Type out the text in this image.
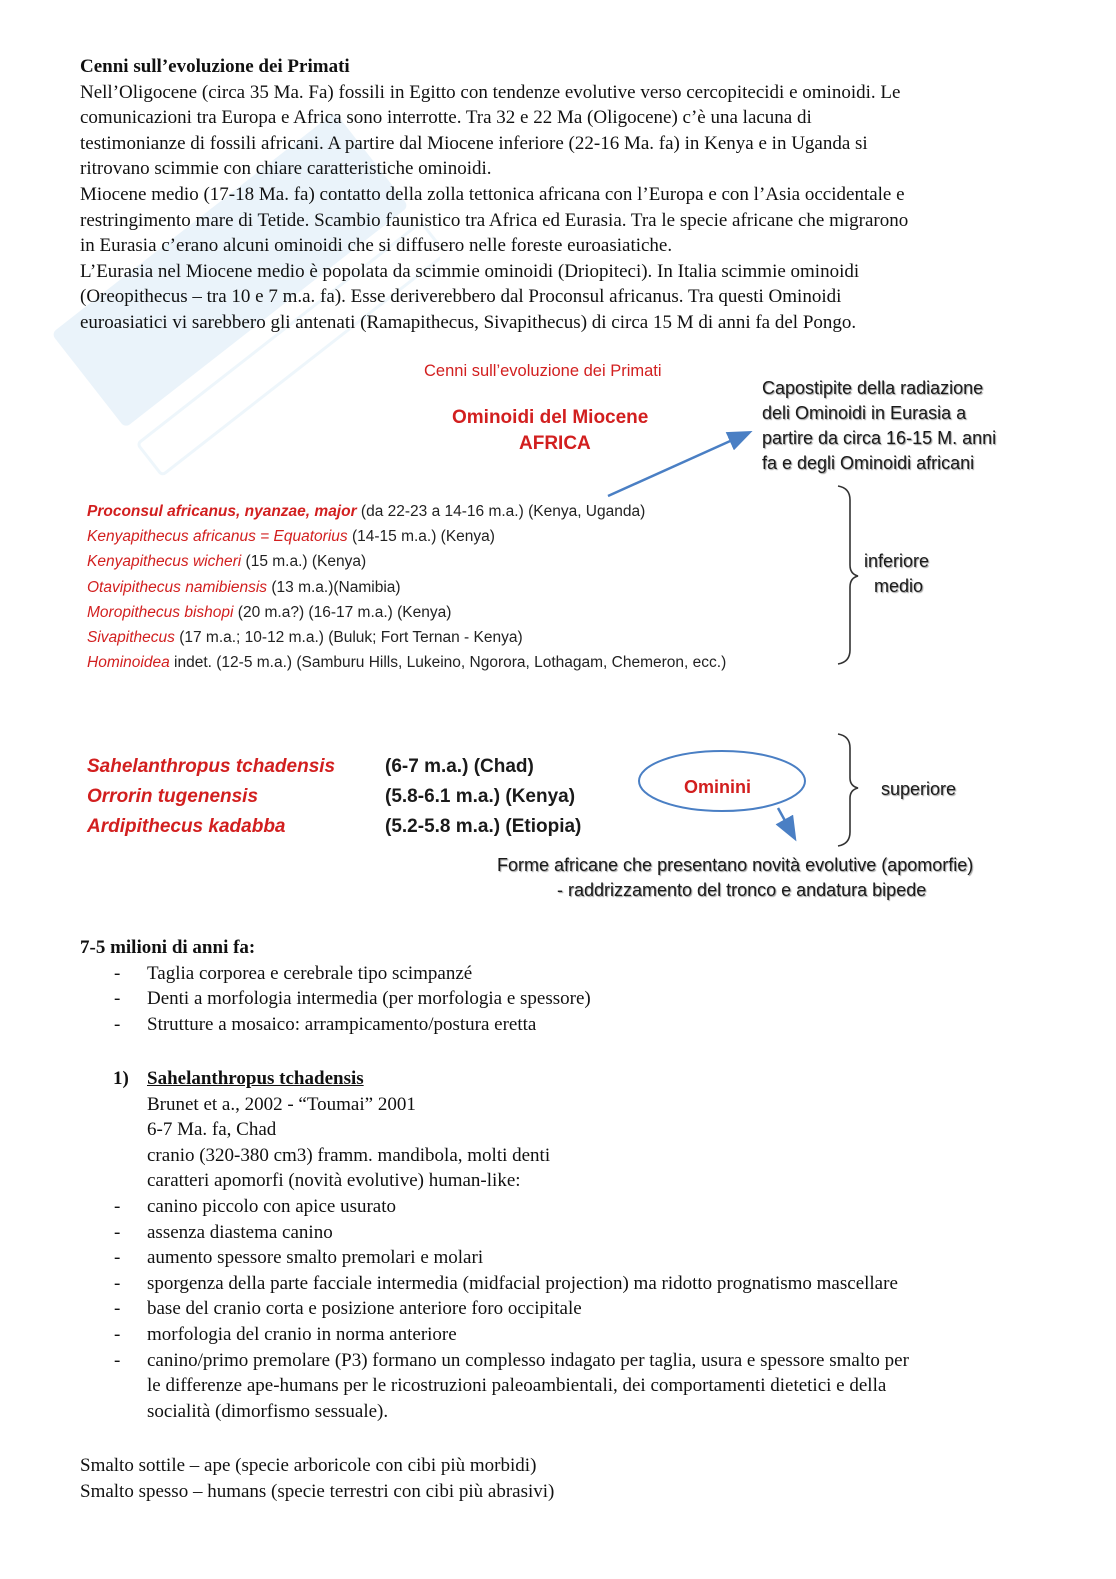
Cenni sull’evoluzione dei Primati
Nell’Oligocene (circa 35 Ma. Fa) fossili in Egitto con tendenze evolutive verso cercopitecidi e ominoidi. Le
comunicazioni tra Europa e Africa sono interrotte. Tra 32 e 22 Ma (Oligocene) c’è una lacuna di
testimonianze di fossili africani. A partire dal Miocene inferiore (22-16 Ma. fa) in Kenya e in Uganda si
ritrovano scimmie con chiare caratteristiche ominoidi.
Miocene medio (17-18 Ma. fa) contatto della zolla tettonica africana con l’Europa e con l’Asia occidentale e
restringimento mare di Tetide. Scambio faunistico tra Africa ed Eurasia. Tra le specie africane che migrarono
in Eurasia c’erano alcuni ominoidi che si diffusero nelle foreste euroasiatiche.
L’Eurasia nel Miocene medio è popolata da scimmie ominoidi (Driopiteci). In Italia scimmie ominoidi
(Oreopithecus – tra 10 e 7 m.a. fa). Esse deriverebbero dal Proconsul africanus. Tra questi Ominoidi
euroasiatici vi sarebbero gli antenati (Ramapithecus, Sivapithecus) di circa 15 M di anni fa del Pongo.
Cenni sull’evoluzione dei Primati
Ominoidi del Miocene
AFRICA
Capostipite della radiazione
deli Ominoidi in Eurasia a
partire da circa 16-15 M. anni
fa e degli Ominoidi africani
Proconsul africanus, nyanzae, major (da 22-23 a 14-16 m.a.) (Kenya, Uganda)
Kenyapithecus africanus = Equatorius (14-15 m.a.) (Kenya)
Kenyapithecus wicheri (15 m.a.) (Kenya)
Otavipithecus namibiensis (13 m.a.)(Namibia)
Moropithecus bishopi (20 m.a?) (16-17 m.a.) (Kenya)
Sivapithecus (17 m.a.; 10-12 m.a.) (Buluk; Fort Ternan - Kenya)
Hominoidea indet. (12-5 m.a.) (Samburu Hills, Lukeino, Ngorora, Lothagam, Chemeron, ecc.)
inferiore
medio
Sahelanthropus tchadensis
Orrorin tugenensis
Ardipithecus kadabba
(6-7 m.a.) (Chad)
(5.8-6.1 m.a.) (Kenya)
(5.2-5.8 m.a.) (Etiopia)
Ominini	superiore
Forme africane che presentano novità evolutive (apomorfie)
- raddrizzamento del tronco e andatura bipede
7-5 milioni di anni fa:
- Taglia corporea e cerebrale tipo scimpanzé
- Denti a morfologia intermedia (per morfologia e spessore)
- Strutture a mosaico: arrampicamento/postura eretta
1) Sahelanthropus tchadensis
Brunet et a., 2002 - “Toumai” 2001
6-7 Ma. fa, Chad
cranio (320-380 cm3) framm. mandibola, molti denti
caratteri apomorfi (novità evolutive) human-like:
- canino piccolo con apice usurato
- assenza diastema canino
- aumento spessore smalto premolari e molari
- sporgenza della parte facciale intermedia (midfacial projection) ma ridotto prognatismo mascellare
- base del cranio corta e posizione anteriore foro occipitale
- morfologia del cranio in norma anteriore
- canino/primo premolare (P3) formano un complesso indagato per taglia, usura e spessore smalto per
le differenze ape-humans per le ricostruzioni paleoambientali, dei comportamenti dietetici e della
socialità (dimorfismo sessuale).
Smalto sottile – ape (specie arboricole con cibi più morbidi)
Smalto spesso – humans (specie terrestri con cibi più abrasivi)
